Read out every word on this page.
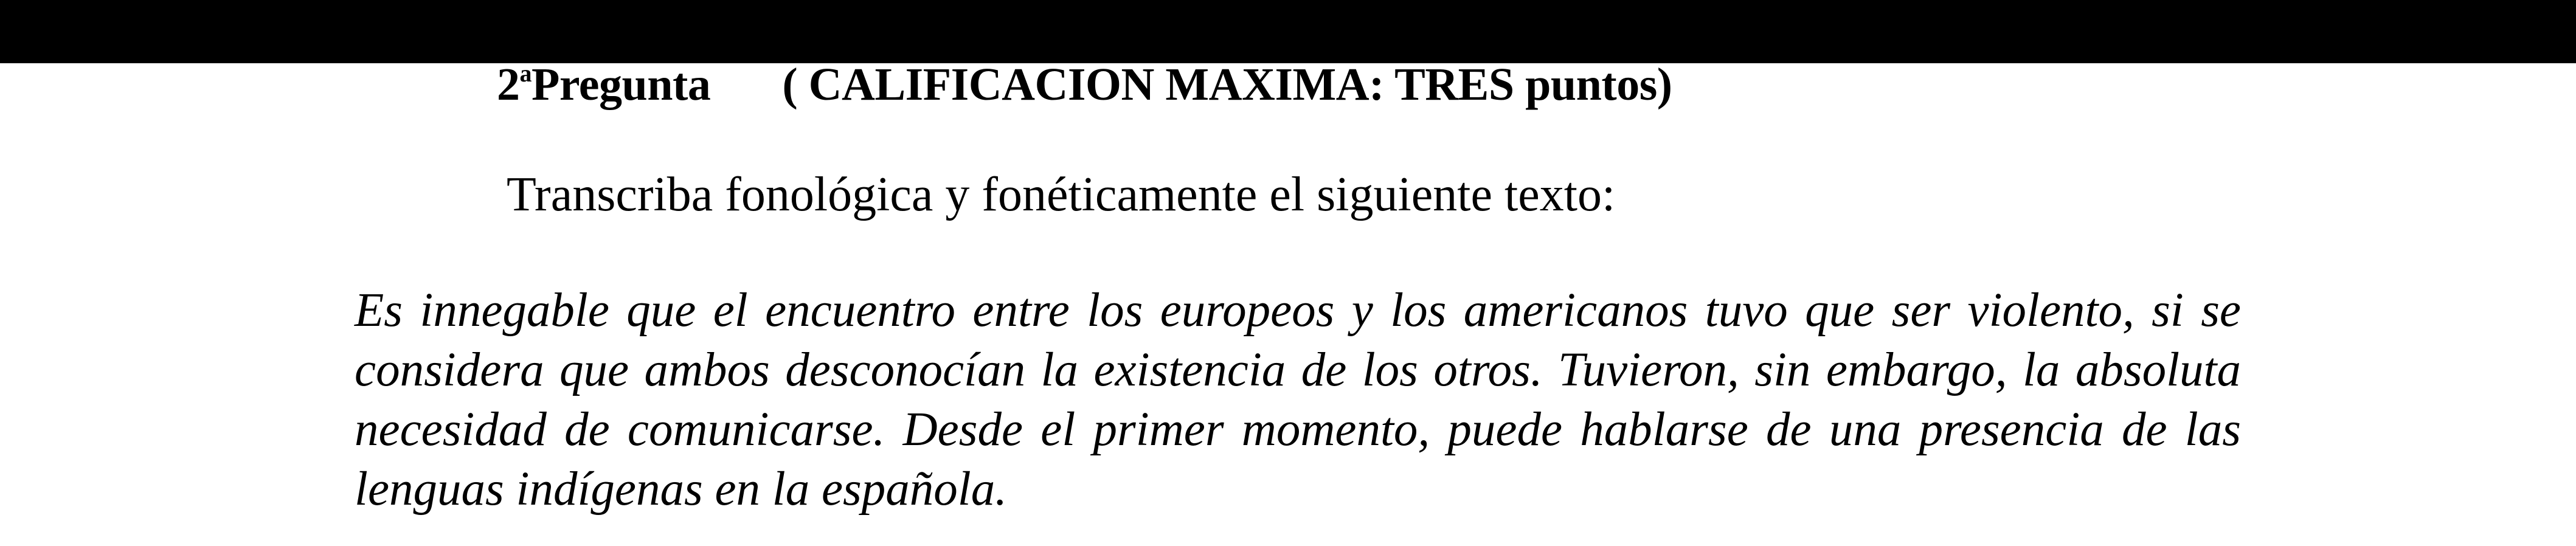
2$^a$Pregunta ( CALIFICACION MAXIMA: TRES puntos)
Transcriba fonológica y fonéticamente el siguiente texto:
Es innegable que el encuentro entre los europeos y los americanos tuvo que ser violento, si se considera que ambos desconocían la existencia de los otros. Tuvieron, sin embargo, la absoluta necesidad de comunicarse. Desde el primer momento, puede hablarse de una presencia de las lenguas indígenas en la española.
